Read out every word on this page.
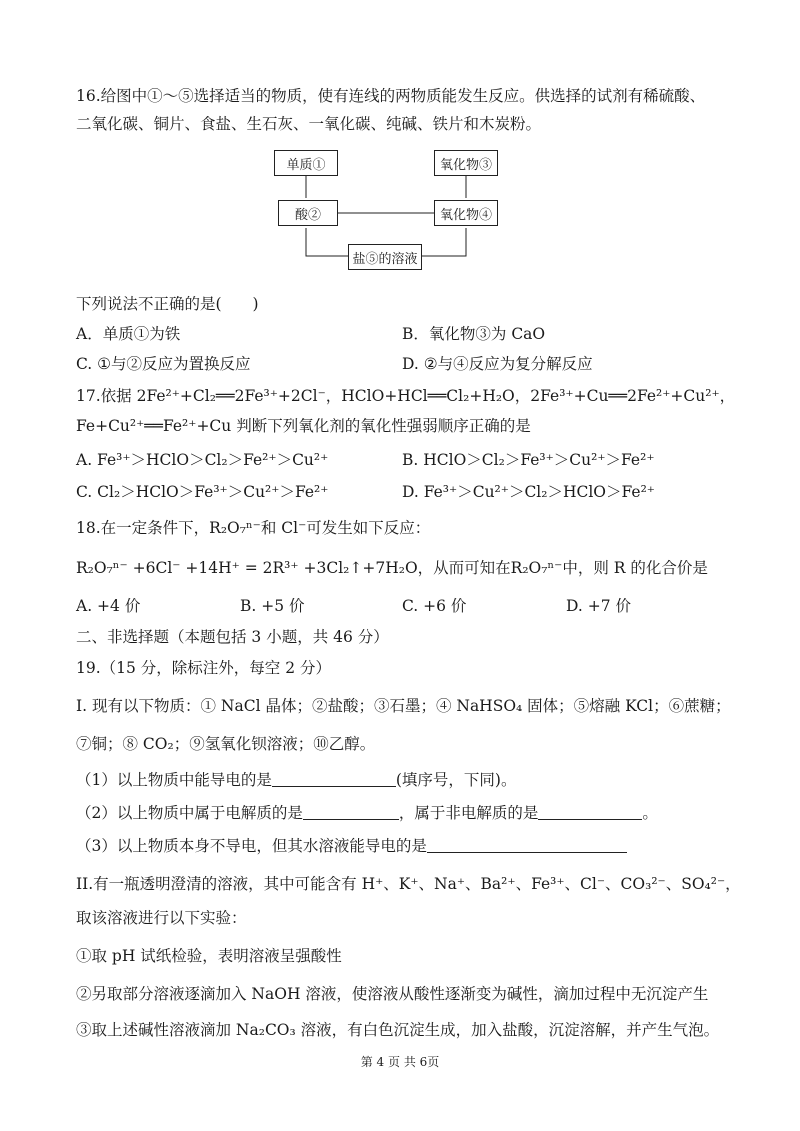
16.给图中①～⑤选择适当的物质，使有连线的两物质能发生反应。供选择的试剂有稀硫酸、
二氧化碳、铜片、食盐、生石灰、一氧化碳、纯碱、铁片和木炭粉。
单质①	氧化物③
酸②	氧化物④
盐⑤的溶液
下列说法不正确的是(　　)
A．单质①为铁	B．氧化物③为 CaO
C. ①与②反应为置换反应	D. ②与④反应为复分解反应
17.依据 2Fe²⁺+Cl₂══2Fe³⁺+2Cl⁻，HClO+HCl══Cl₂+H₂O，2Fe³⁺+Cu══2Fe²⁺+Cu²⁺，
Fe+Cu²⁺══Fe²⁺+Cu 判断下列氧化剂的氧化性强弱顺序正确的是
A. Fe³⁺＞HClO＞Cl₂＞Fe²⁺＞Cu²⁺	B. HClO＞Cl₂＞Fe³⁺＞Cu²⁺＞Fe²⁺
C. Cl₂＞HClO＞Fe³⁺＞Cu²⁺＞Fe²⁺	D. Fe³⁺＞Cu²⁺＞Cl₂＞HClO＞Fe²⁺
18.在一定条件下，R₂O₇ⁿ⁻和 Cl⁻可发生如下反应：
R₂O₇ⁿ⁻ +6Cl⁻ +14H⁺ = 2R³⁺ +3Cl₂↑+7H₂O，从而可知在R₂O₇ⁿ⁻中，则 R 的化合价是
A. +4 价	B. +5 价	C. +6 价	D. +7 价
二、非选择题（本题包括 3 小题，共 46 分）
19.（15 分，除标注外，每空 2 分）
I. 现有以下物质：① NaCl 晶体；②盐酸；③石墨；④ NaHSO₄ 固体；⑤熔融 KCl；⑥蔗糖；
⑦铜；⑧ CO₂；⑨氢氧化钡溶液；⑩乙醇。
（1）以上物质中能导电的是	(填序号，下同)。
（2）以上物质中属于电解质的是	，属于非电解质的是	。
（3）以上物质本身不导电，但其水溶液能导电的是
II.有一瓶透明澄清的溶液，其中可能含有 H⁺、K⁺、Na⁺、Ba²⁺、Fe³⁺、Cl⁻、CO₃²⁻、SO₄²⁻，
取该溶液进行以下实验：
①取 pH 试纸检验，表明溶液呈强酸性
②另取部分溶液逐滴加入 NaOH 溶液，使溶液从酸性逐渐变为碱性，滴加过程中无沉淀产生
③取上述碱性溶液滴加 Na₂CO₃ 溶液，有白色沉淀生成，加入盐酸，沉淀溶解，并产生气泡。
第 4 页 共 6页
